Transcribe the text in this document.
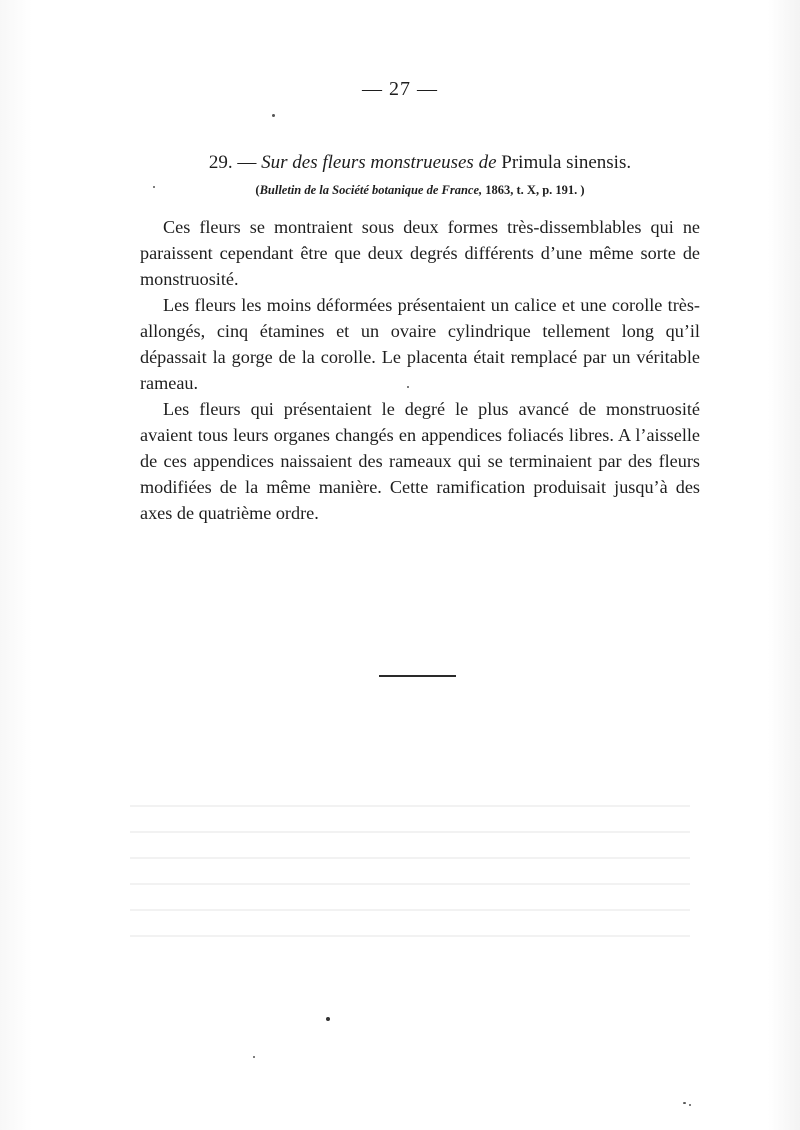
— 27 —
29. — Sur des fleurs monstrueuses de Primula sinensis.
(Bulletin de la Société botanique de France, 1863, t. X, p. 191. )

Ces fleurs se montraient sous deux formes très-dissemblables qui ne paraissent cependant être que deux degrés différents d’une même sorte de monstruosité.

Les fleurs les moins déformées présentaient un calice et une corolle très-allongés, cinq étamines et un ovaire cylindrique tellement long qu’il dépassait la gorge de la corolle. Le placenta était remplacé par un véritable rameau.

Les fleurs qui présentaient le degré le plus avancé de monstruosité avaient tous leurs organes changés en appendices foliacés libres. A l’aisselle de ces appendices naissaient des rameaux qui se terminaient par des fleurs modifiées de la même manière. Cette ramification produisait jusqu’à des axes de quatrième ordre.
